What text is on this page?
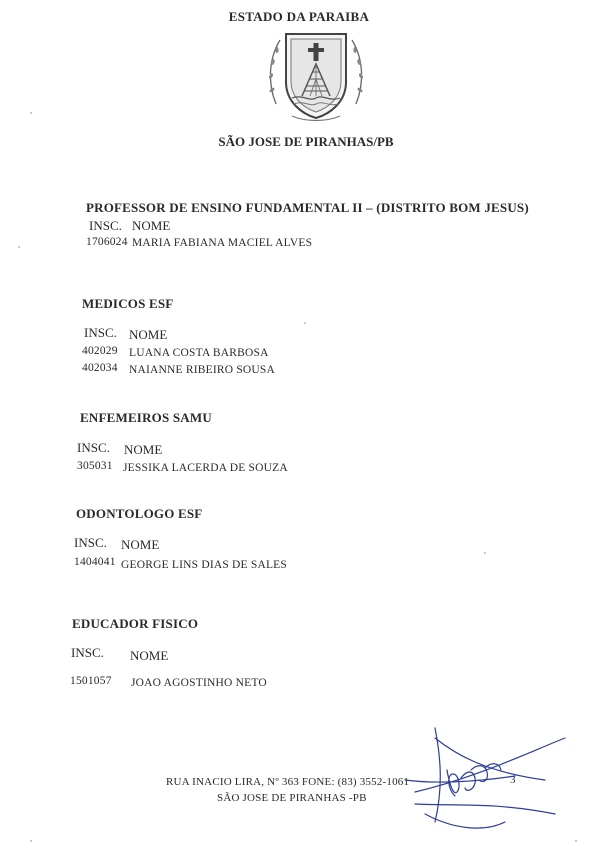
ESTADO DA PARAIBA
SÃO JOSE DE PIRANHAS/PB
PROFESSOR DE ENSINO FUNDAMENTAL II – (DISTRITO BOM JESUS)
INSC. NOME
1706024 MARIA FABIANA MACIEL ALVES
MEDICOS ESF
INSC. NOME
402029 LUANA COSTA BARBOSA
402034 NAIANNE RIBEIRO SOUSA
ENFEMEIROS SAMU
INSC. NOME
305031 JESSIKA LACERDA DE SOUZA
ODONTOLOGO ESF
INSC. NOME
1404041 GEORGE LINS DIAS DE SALES
EDUCADOR FISICO
INSC. NOME
1501057 JOAO AGOSTINHO NETO
RUA INACIO LIRA, Nº 363 FONE: (83) 3552-1061
SÃO JOSE DE PIRANHAS -PB
3
